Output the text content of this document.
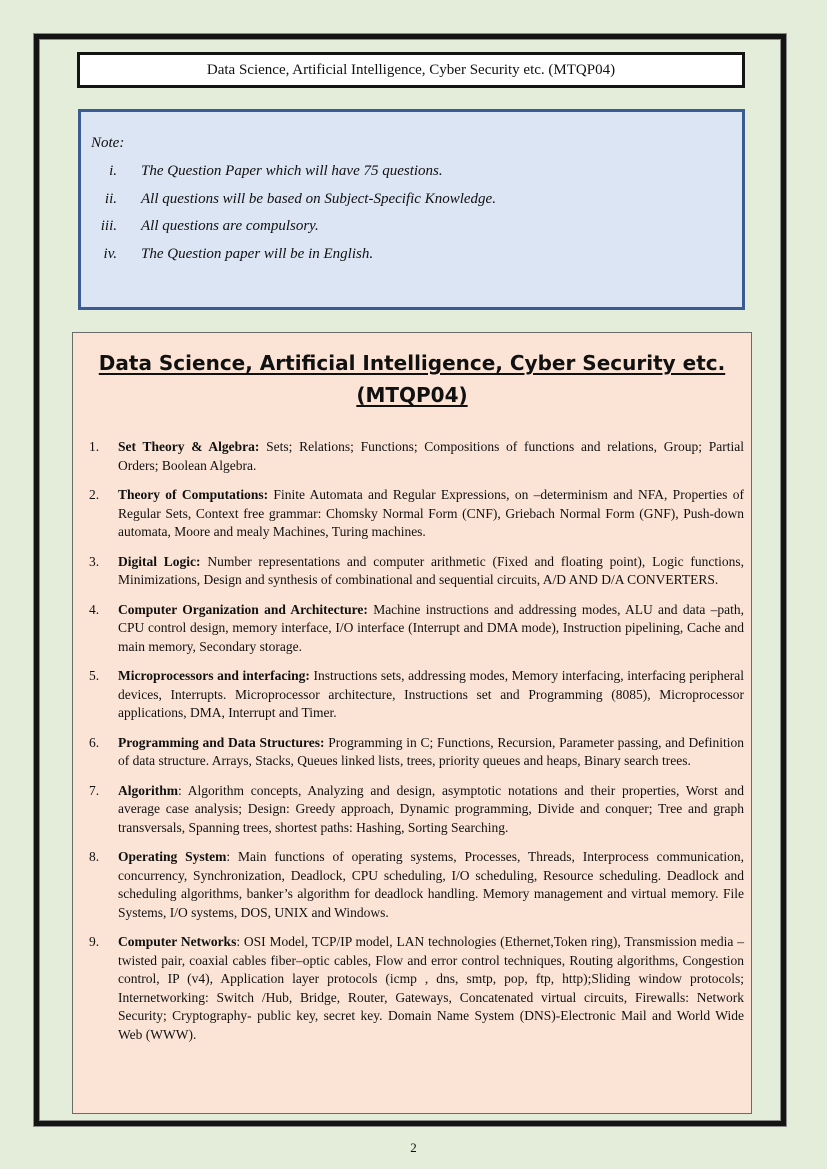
Data Science, Artificial Intelligence, Cyber Security etc. (MTQP04)
Note:
i.	The Question Paper which will have 75 questions.
ii.	All questions will be based on Subject-Specific Knowledge.
iii.	All questions are compulsory.
iv.	The Question paper will be in English.
Data Science, Artificial Intelligence, Cyber Security etc.
(MTQP04)
1.	Set Theory & Algebra: Sets; Relations; Functions; Compositions of functions and relations, Group; Partial Orders; Boolean Algebra.
2.	Theory of Computations: Finite Automata and Regular Expressions, on –determinism and NFA, Properties of Regular Sets, Context free grammar: Chomsky Normal Form (CNF), Griebach Normal Form (GNF), Push-down automata, Moore and mealy Machines, Turing machines.
3.	Digital Logic: Number representations and computer arithmetic (Fixed and floating point), Logic functions, Minimizations, Design and synthesis of combinational and sequential circuits, A/D AND D/A CONVERTERS.
4.	Computer Organization and Architecture: Machine instructions and addressing modes, ALU and data –path, CPU control design, memory interface, I/O interface (Interrupt and DMA mode), Instruction pipelining, Cache and main memory, Secondary storage.
5.	Microprocessors and interfacing: Instructions sets, addressing modes, Memory interfacing, interfacing peripheral devices, Interrupts. Microprocessor architecture, Instructions set and Programming (8085), Microprocessor applications, DMA, Interrupt and Timer.
6.	Programming and Data Structures: Programming in C; Functions, Recursion, Parameter passing, and Definition of data structure. Arrays, Stacks, Queues linked lists, trees, priority queues and heaps, Binary search trees.
7.	Algorithm: Algorithm concepts, Analyzing and design, asymptotic notations and their properties, Worst and average case analysis; Design: Greedy approach, Dynamic programming, Divide and conquer; Tree and graph transversals, Spanning trees, shortest paths: Hashing, Sorting Searching.
8.	Operating System: Main functions of operating systems, Processes, Threads, Interprocess communication, concurrency, Synchronization, Deadlock, CPU scheduling, I/O scheduling, Resource scheduling. Deadlock and scheduling algorithms, banker’s algorithm for deadlock handling. Memory management and virtual memory. File Systems, I/O systems, DOS, UNIX and Windows.
9.	Computer Networks: OSI Model, TCP/IP model, LAN technologies (Ethernet,Token ring), Transmission media – twisted pair, coaxial cables fiber–optic cables, Flow and error control techniques, Routing algorithms, Congestion control, IP (v4), Application layer protocols (icmp , dns, smtp, pop, ftp, http);Sliding window protocols; Internetworking: Switch /Hub, Bridge, Router, Gateways, Concatenated virtual circuits, Firewalls: Network Security; Cryptography- public key, secret key. Domain Name System (DNS)-Electronic Mail and World Wide Web (WWW).
2
